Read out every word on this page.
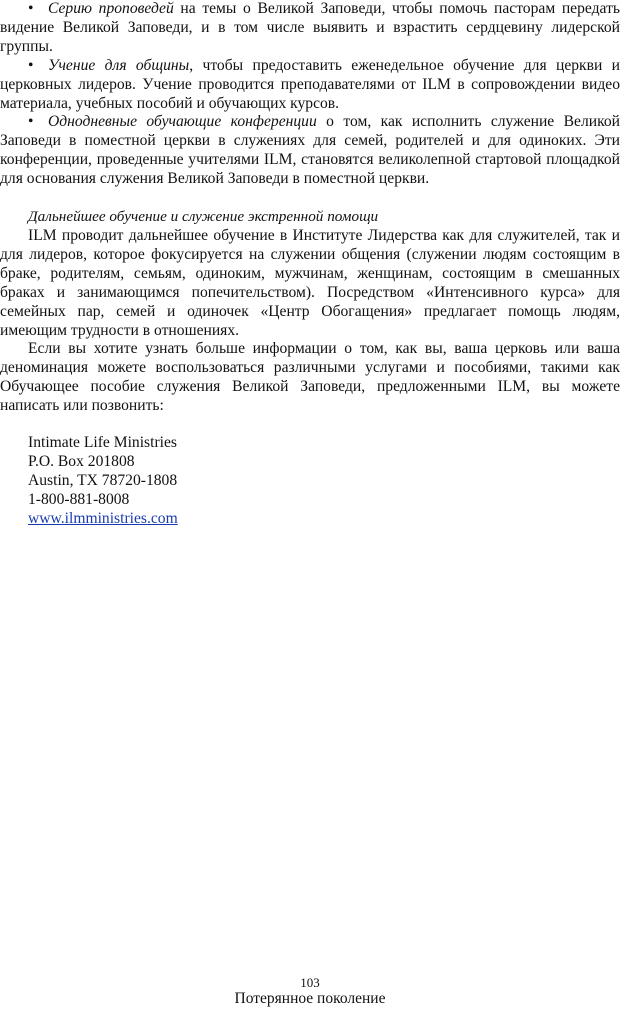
• Серию проповедей на темы о Великой Заповеди, чтобы помочь пасторам передать видение Великой Заповеди, и в том числе выявить и взрастить сердцевину лидерской группы.

• Учение для общины, чтобы предоставить еженедельное обучение для церкви и церковных лидеров. Учение проводится преподавателями от ILM в сопровождении видео материала, учебных пособий и обучающих курсов.

• Однодневные обучающие конференции о том, как исполнить служение Великой Заповеди в поместной церкви в служениях для семей, родителей и для одиноких. Эти конференции, проведенные учителями ILM, становятся великолепной стартовой площадкой для основания служения Великой Заповеди в поместной церкви.

Дальнейшее обучение и служение экстренной помощи

ILM проводит дальнейшее обучение в Институте Лидерства как для служителей, так и для лидеров, которое фокусируется на служении общения (служении людям состоящим в браке, родителям, семьям, одиноким, мужчинам, женщинам, состоящим в смешанных браках и занимающимся попечительством). Посредством «Интенсивного курса» для семейных пар, семей и одиночек «Центр Обогащения» предлагает помощь людям, имеющим трудности в отношениях.

Если вы хотите узнать больше информации о том, как вы, ваша церковь или ваша деноминация можете воспользоваться различными услугами и пособиями, такими как Обучающее пособие служения Великой Заповеди, предложенными ILM, вы можете написать или позвонить:

Intimate Life Ministries
P.O. Box 201808
Austin, TX 78720-1808
1-800-881-8008
www.ilmministries.com
103
Потерянное поколение
